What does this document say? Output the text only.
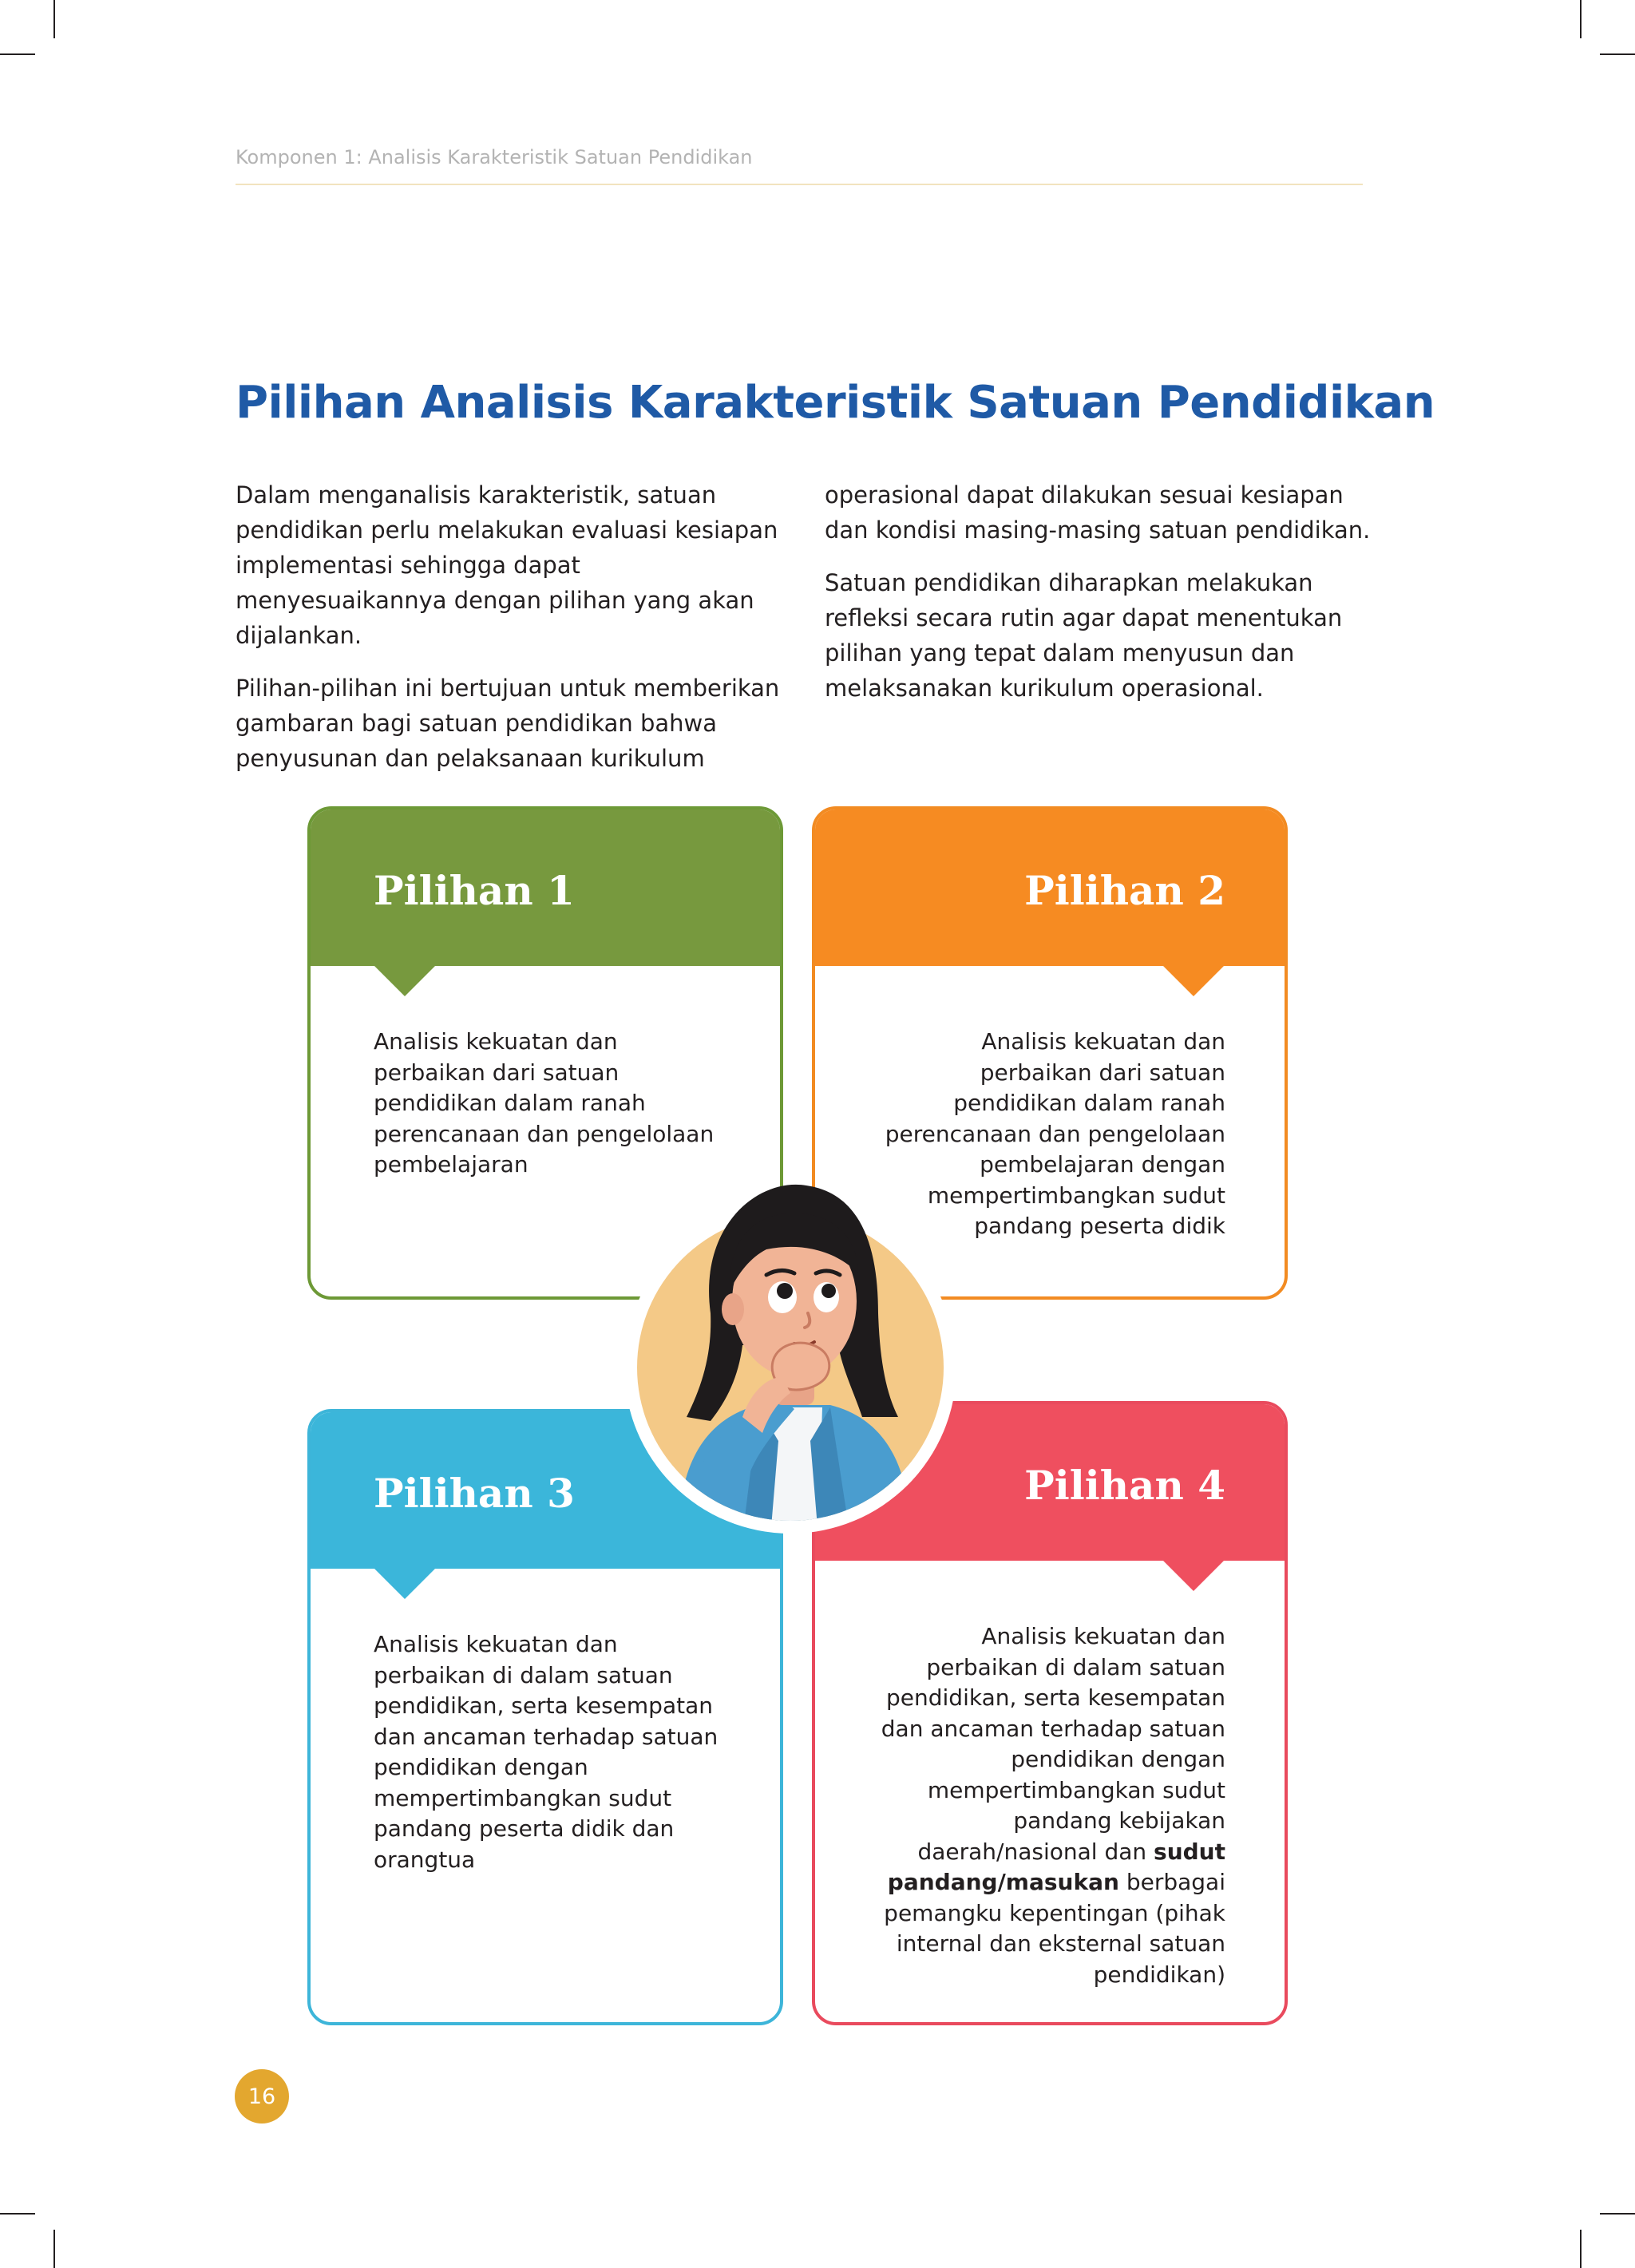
Komponen 1: Analisis Karakteristik Satuan Pendidikan
Pilihan Analisis Karakteristik Satuan Pendidikan

Dalam menganalisis karakteristik, satuan pendidikan perlu melakukan evaluasi kesiapan implementasi sehingga dapat menyesuaikannya dengan pilihan yang akan dijalankan.

Pilihan-pilihan ini bertujuan untuk memberikan gambaran bagi satuan pendidikan bahwa penyusunan dan pelaksanaan kurikulum

operasional dapat dilakukan sesuai kesiapan dan kondisi masing-masing satuan pendidikan.

Satuan pendidikan diharapkan melakukan refleksi secara rutin agar dapat menentukan pilihan yang tepat dalam menyusun dan melaksanakan kurikulum operasional.

Pilihan 1
Analisis kekuatan dan perbaikan dari satuan pendidikan dalam ranah perencanaan dan pengelolaan pembelajaran
Pilihan 2
Analisis kekuatan dan perbaikan dari satuan pendidikan dalam ranah perencanaan dan pengelolaan pembelajaran dengan mempertimbangkan sudut pandang peserta didik
Pilihan 3
Analisis kekuatan dan perbaikan di dalam satuan pendidikan, serta kesempatan dan ancaman terhadap satuan pendidikan dengan mempertimbangkan sudut pandang peserta didik dan orangtua
Pilihan 4
Analisis kekuatan dan perbaikan di dalam satuan pendidikan, serta kesempatan dan ancaman terhadap satuan pendidikan dengan mempertimbangkan sudut pandang kebijakan daerah/nasional dan sudut pandang/masukan berbagai pemangku kepentingan (pihak internal dan eksternal satuan pendidikan)
16
